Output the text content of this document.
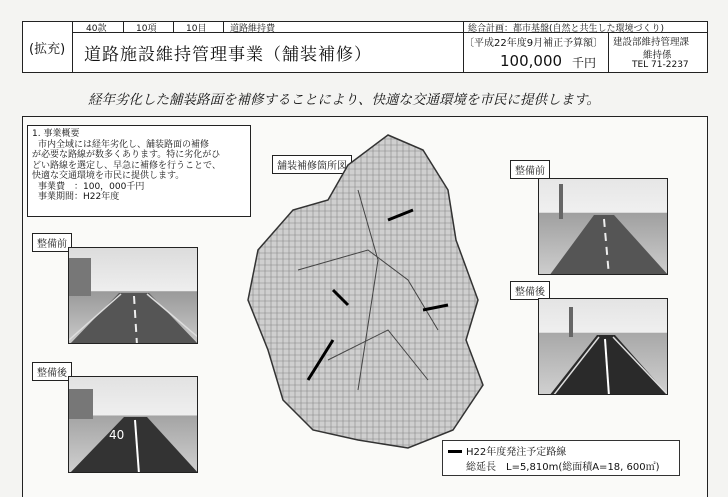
40款	10項	10目	道路維持費	総合計画：都市基盤(自然と共生した環境づくり)
(拡充) 道路施設維持管理事業（舗装補修）
〔平成22年度9月補正予算額〕
100,000 千円
建設部維持管理課
維持係
TEL 71-2237
経年劣化した舗装路面を補修することにより、快適な交通環境を市民に提供します。
1. 事業概要
市内全域には経年劣化し、舗装路面の補修
が必要な路線が数多くあります。特に劣化がひ
どい路線を選定し、早急に補修を行うことで、
快適な交通環境を市民に提供します。
事業費　：100，000千円
事業期間：H22年度
整備前
整備後
40
舗装補修箇所図	整備前
整備後
H22年度発注予定路線
総延長　L=5,810m(総面積A=18, 600㎡)
